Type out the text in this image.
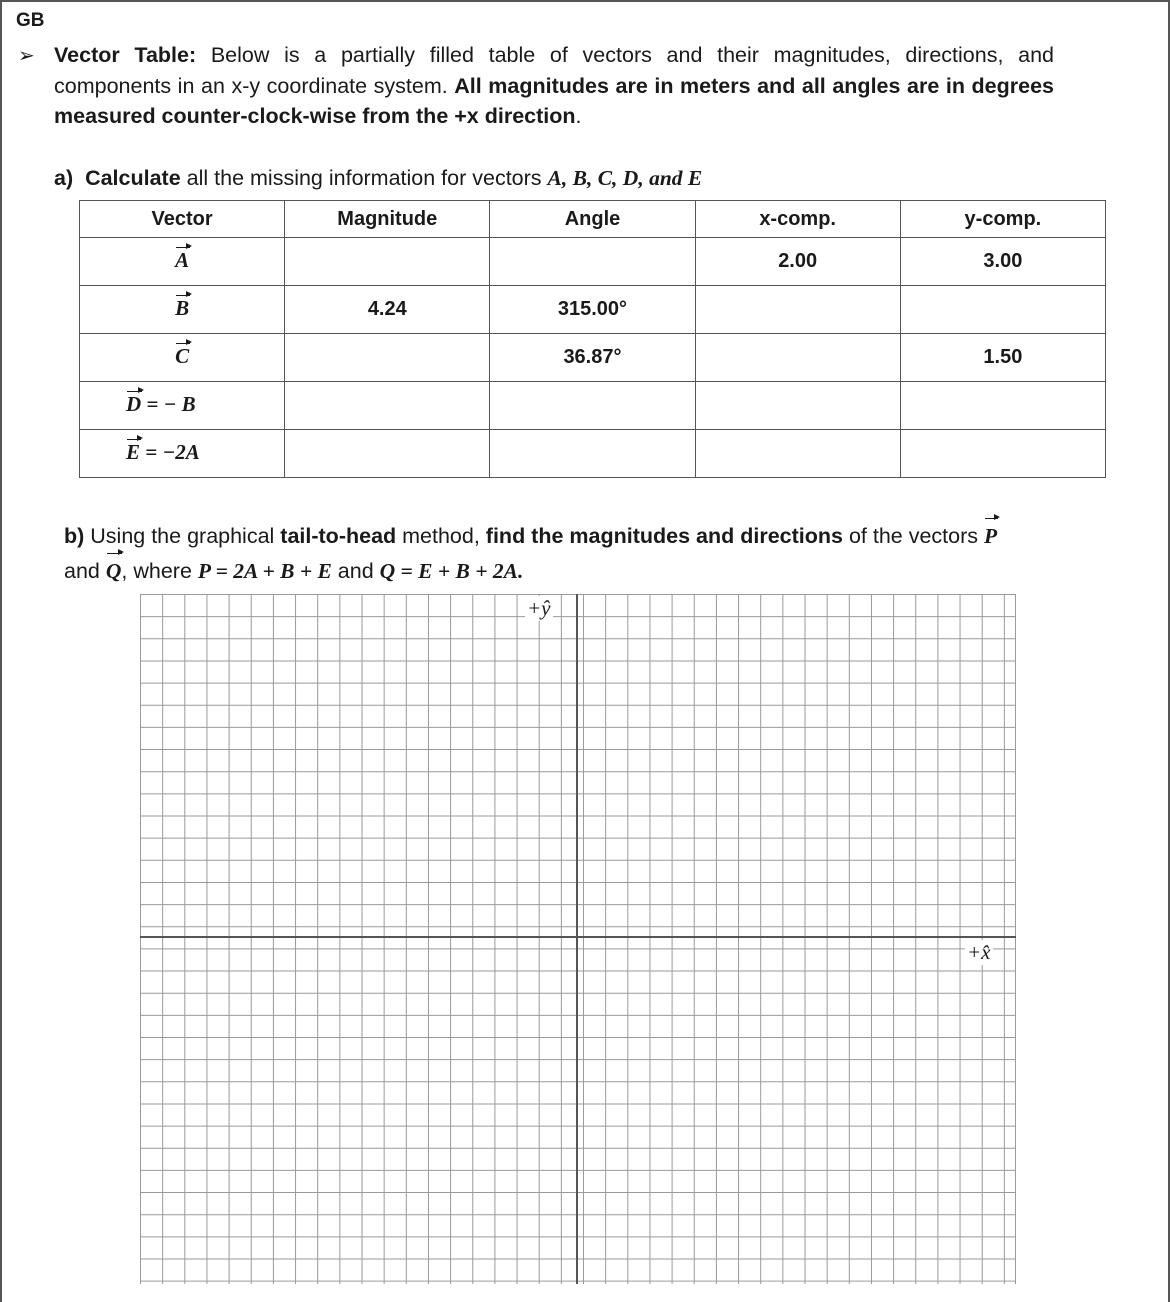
GB
➢ Vector Table: Below is a partially filled table of vectors and their magnitudes, directions, and components in an x-y coordinate system. All magnitudes are in meters and all angles are in degrees measured counter-clock-wise from the +x direction.
a) Calculate all the missing information for vectors A, B, C, D, and E
Vector	Magnitude	Angle	x-comp.	y-comp.
A			2.00	3.00
B	4.24	315.00°		
C		36.87°		1.50
D = − B				
E = −2A				
b) Using the graphical tail-to-head method, find the magnitudes and directions of the vectors P
and Q, where P = 2A + B + E and Q = E + B + 2A.
+ŷ
+x̂
